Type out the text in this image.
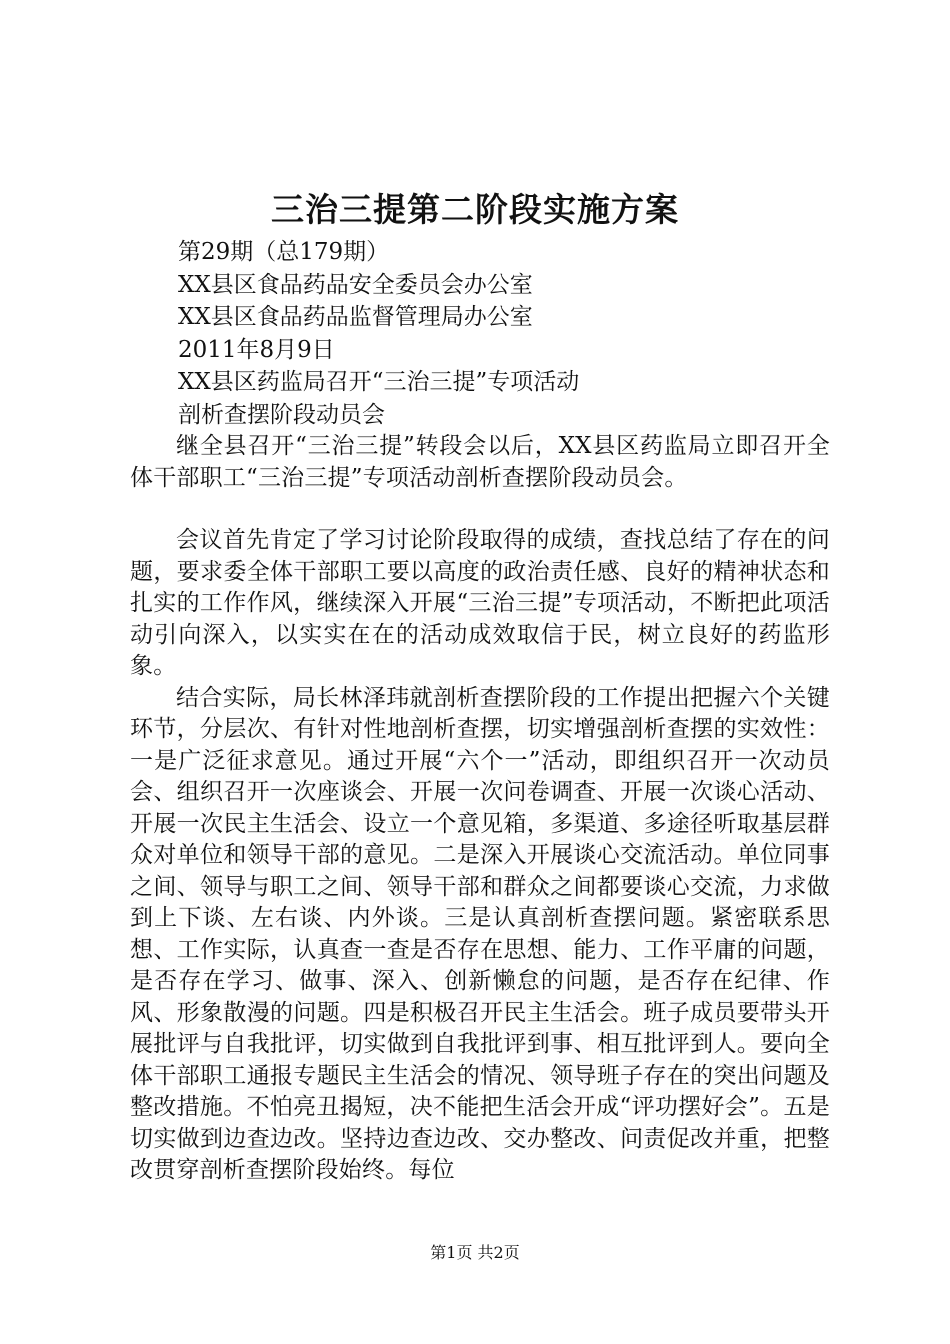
三治三提第二阶段实施方案
第29期（总179期）
XX县区食品药品安全委员会办公室
XX县区食品药品监督管理局办公室
2011年8月9日
XX县区药监局召开“三治三提”专项活动
剖析查摆阶段动员会

继全县召开“三治三提”转段会以后，XX县区药监局立即召开全体干部职工“三治三提”专项活动剖析查摆阶段动员会。

会议首先肯定了学习讨论阶段取得的成绩，查找总结了存在的问题，要求委全体干部职工要以高度的政治责任感、良好的精神状态和扎实的工作作风，继续深入开展“三治三提”专项活动，不断把此项活动引向深入，以实实在在的活动成效取信于民，树立良好的药监形象。

结合实际，局长林泽玮就剖析查摆阶段的工作提出把握六个关键环节，分层次、有针对性地剖析查摆，切实增强剖析查摆的实效性：一是广泛征求意见。通过开展“六个一”活动，即组织召开一次动员会、组织召开一次座谈会、开展一次问卷调查、开展一次谈心活动、开展一次民主生活会、设立一个意见箱，多渠道、多途径听取基层群众对单位和领导干部的意见。二是深入开展谈心交流活动。单位同事之间、领导与职工之间、领导干部和群众之间都要谈心交流，力求做到上下谈、左右谈、内外谈。三是认真剖析查摆问题。紧密联系思想、工作实际，认真查一查是否存在思想、能力、工作平庸的问题，是否存在学习、做事、深入、创新懒怠的问题，是否存在纪律、作风、形象散漫的问题。四是积极召开民主生活会。班子成员要带头开展批评与自我批评，切实做到自我批评到事、相互批评到人。要向全体干部职工通报专题民主生活会的情况、领导班子存在的突出问题及整改措施。不怕亮丑揭短，决不能把生活会开成“评功摆好会”。五是切实做到边查边改。坚持边查边改、交办整改、问责促改并重，把整改贯穿剖析查摆阶段始终。每位

第1页 共2页
